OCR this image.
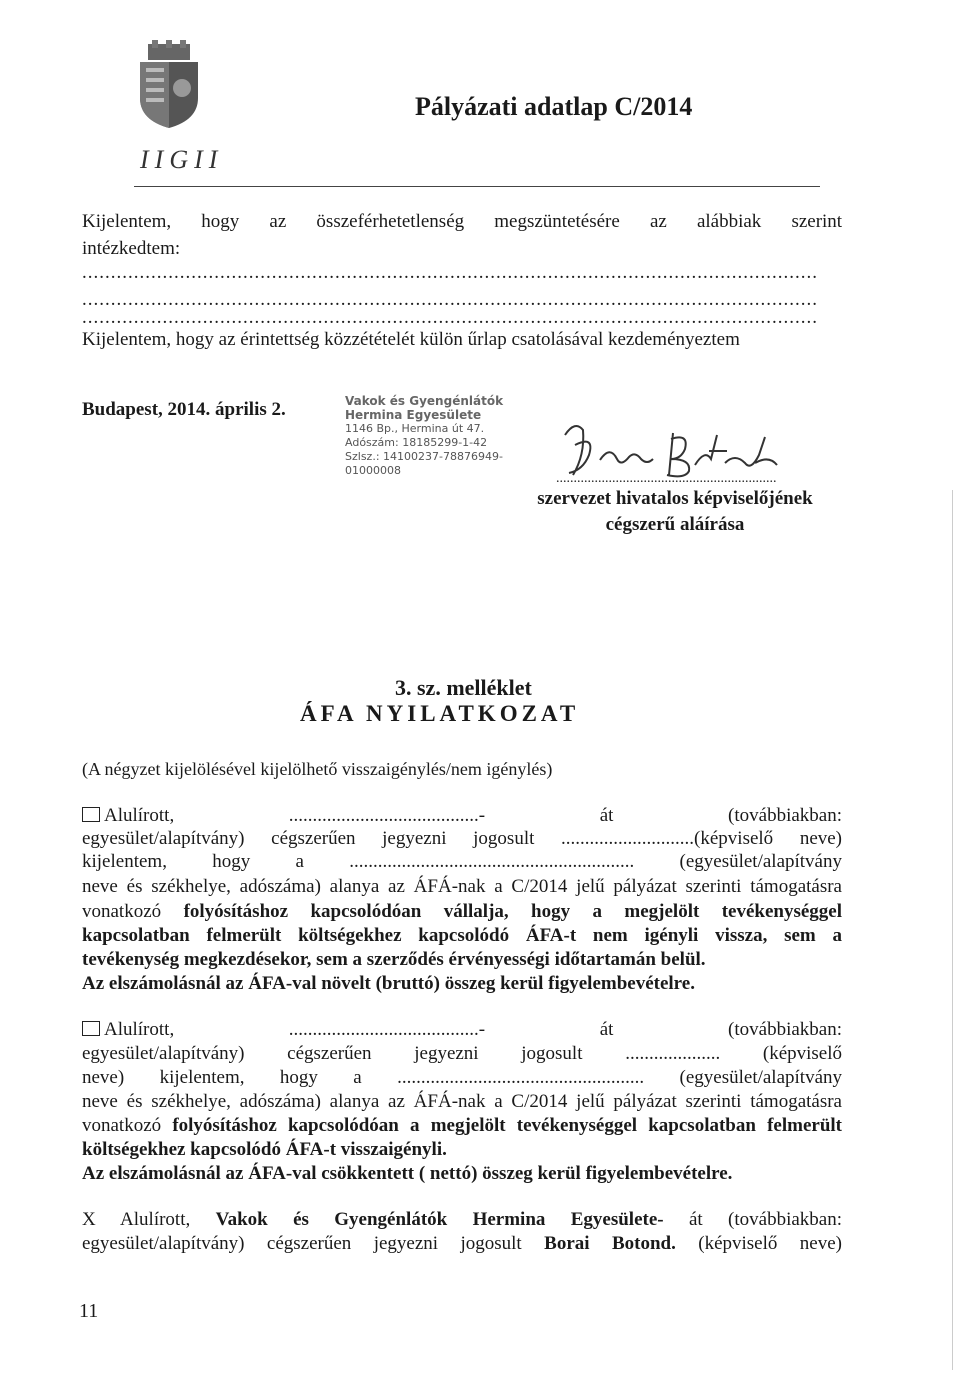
IIGII
Pályázati adatlap C/2014
Kijelentem, hogy az összeférhetetlenség megszüntetésére az alábbiak szerint
intézkedtem:
................................................................................................................................
................................................................................................................................
................................................................................................................................
Kijelentem, hogy az érintettség közzétételét külön űrlap csatolásával kezdeményeztem
Budapest, 2014. április 2.	Vakok és Gyengénlátók
Hermina Egyesülete
1146 Bp., Hermina út 47.
Adószám: 18185299-1-42
Szlsz.: 14100237-78876949-01000008
...............................................................
szervezet hivatalos képviselőjének
cégszerű aláírása
3. sz. melléklet
ÁFA NYILATKOZAT
(A négyzet kijelölésével kijelölhető visszaigénylés/nem igénylés)
Alulírott,	........................................-	át	(továbbiakban:
egyesület/alapítvány) cégszerűen jegyezni jogosult ............................(képviselő neve)
kijelentem, hogy a ............................................................ (egyesület/alapítvány
neve és székhelye, adószáma) alanya az ÁFÁ-nak a C/2014 jelű pályázat szerinti támogatásra
vonatkozó folyósításhoz kapcsolódóan vállalja, hogy a megjelölt tevékenységgel
kapcsolatban felmerült költségekhez kapcsolódó ÁFA-t nem igényli vissza, sem a
tevékenység megkezdésekor, sem a szerződés érvényességi időtartamán belül.
Az elszámolásnál az ÁFA-val növelt (bruttó) összeg kerül figyelembevételre.
Alulírott,	........................................-	át	(továbbiakban:
egyesület/alapítvány) cégszerűen jegyezni jogosult .................... (képviselő
neve) kijelentem, hogy a .................................................... (egyesület/alapítvány
neve és székhelye, adószáma) alanya az ÁFÁ-nak a C/2014 jelű pályázat szerinti támogatásra
vonatkozó folyósításhoz kapcsolódóan a megjelölt tevékenységgel kapcsolatban felmerült
költségekhez kapcsolódó ÁFA-t visszaigényli.
Az elszámolásnál az ÁFA-val csökkentett ( nettó) összeg kerül figyelembevételre.
X Alulírott, Vakok és Gyengénlátók Hermina Egyesülete- át (továbbiakban:
egyesület/alapítvány) cégszerűen jegyezni jogosult Borai Botond. (képviselő neve)
11
